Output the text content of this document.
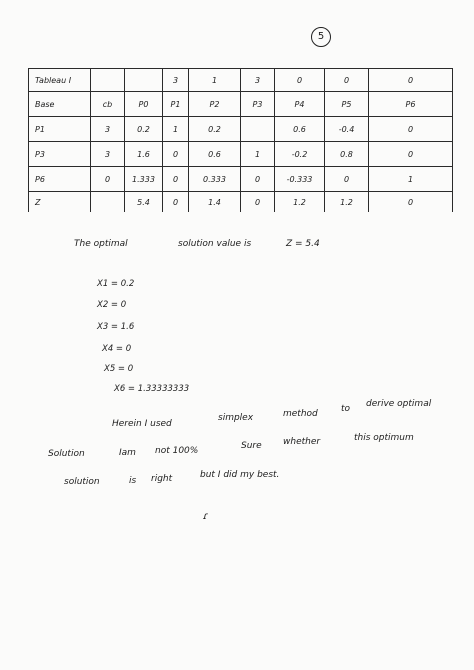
5
Tableau I			3	1	3	0	0	0
Base	cb	P0	P1	P2	P3	P4	P5	P6
P1	3	0.2	1	0.2		0.6	-0.4	0
P3	3	1.6	0	0.6	1	-0.2	0.8	0
P6	0	1.333	0	0.333	0	-0.333	0	1
Z		5.4	0	1.4	0	1.2	1.2	0
The optimal	solution value is	Z = 5.4
X1 = 0.2
X2 = 0
X3 = 1.6
X4 = 0
X5 = 0
X6 = 1.33333333
Herein I used
simplex	method	to derive optimal
Solution	Iam not 100%	Sure whether	this optimum
solution	is right	but I did my best.
ɾ
